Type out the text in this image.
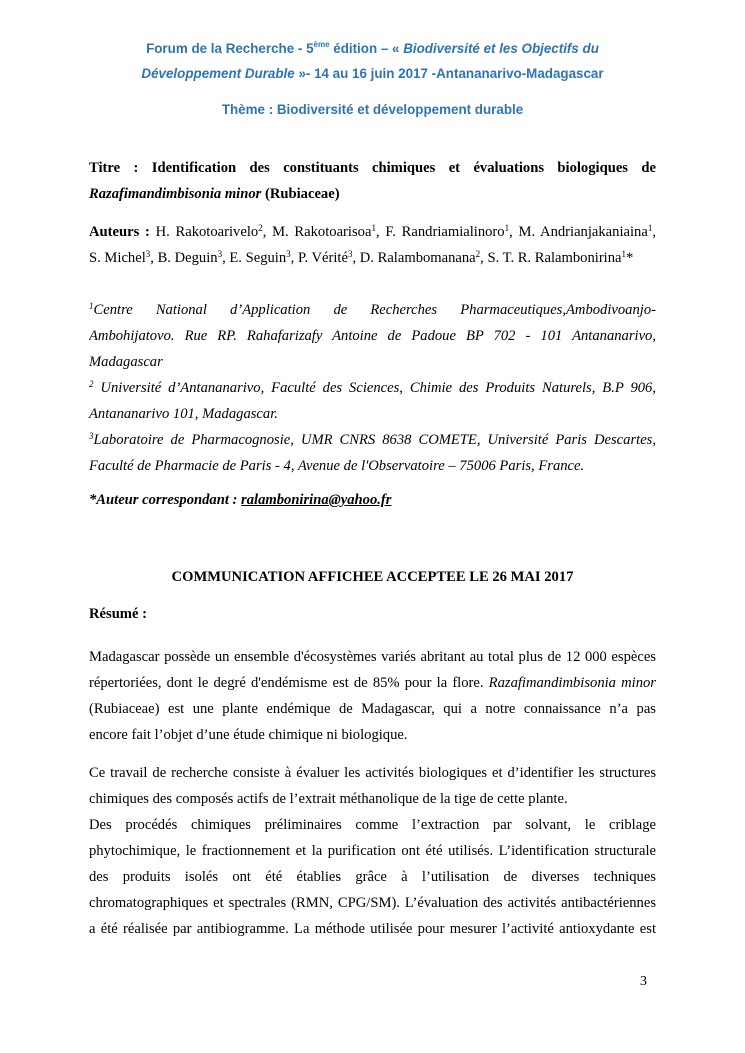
Forum de la Recherche - 5ème édition – « Biodiversité et les Objectifs du
Développement Durable »- 14 au 16 juin 2017 -Antananarivo-Madagascar
Thème : Biodiversité et développement durable
Titre : Identification des constituants chimiques et évaluations biologiques de
Razafimandimbisonia minor (Rubiaceae)
Auteurs : H. Rakotoarivelo$^2$, M. Rakotoarisoa$^1$, F. Randriamialinoro$^1$, M. Andrianjakaniaina$^1$,
S. Michel$^3$, B. Deguin$^3$, E. Seguin$^3$, P. Vérité$^3$, D. Ralambomanana$^2$, S. T. R. Ralambonirina$^1$*
$^1$Centre National d’Application de Recherches Pharmaceutiques,Ambodivoanjo-
Ambohijatovo. Rue RP. Rahafarizafy Antoine de Padoue BP 702 - 101 Antananarivo,
Madagascar
$^2$ Université d’Antananarivo, Faculté des Sciences, Chimie des Produits Naturels, B.P 906,
Antananarivo 101, Madagascar.
$^3$Laboratoire de Pharmacognosie, UMR CNRS 8638 COMETE, Université Paris Descartes,
Faculté de Pharmacie de Paris - 4, Avenue de l'Observatoire – 75006 Paris, France.
*Auteur correspondant : ralambonirina@yahoo.fr
COMMUNICATION AFFICHEE ACCEPTEE LE 26 MAI 2017
Résumé :
Madagascar possède un ensemble d'écosystèmes variés abritant au total plus de 12 000 espèces
répertoriées, dont le degré d'endémisme est de 85% pour la flore. Razafimandimbisonia minor
(Rubiaceae) est une plante endémique de Madagascar, qui a notre connaissance n’a pas
encore fait l’objet d’une étude chimique ni biologique.
Ce travail de recherche consiste à évaluer les activités biologiques et d’identifier les structures
chimiques des composés actifs de l’extrait méthanolique de la tige de cette plante.
Des procédés chimiques préliminaires comme l’extraction par solvant, le criblage
phytochimique, le fractionnement et la purification ont été utilisés. L’identification structurale
des produits isolés ont été établies grâce à l’utilisation de diverses techniques
chromatographiques et spectrales (RMN, CPG/SM). L’évaluation des activités antibactériennes
a été réalisée par antibiogramme. La méthode utilisée pour mesurer l’activité antioxydante est
3
